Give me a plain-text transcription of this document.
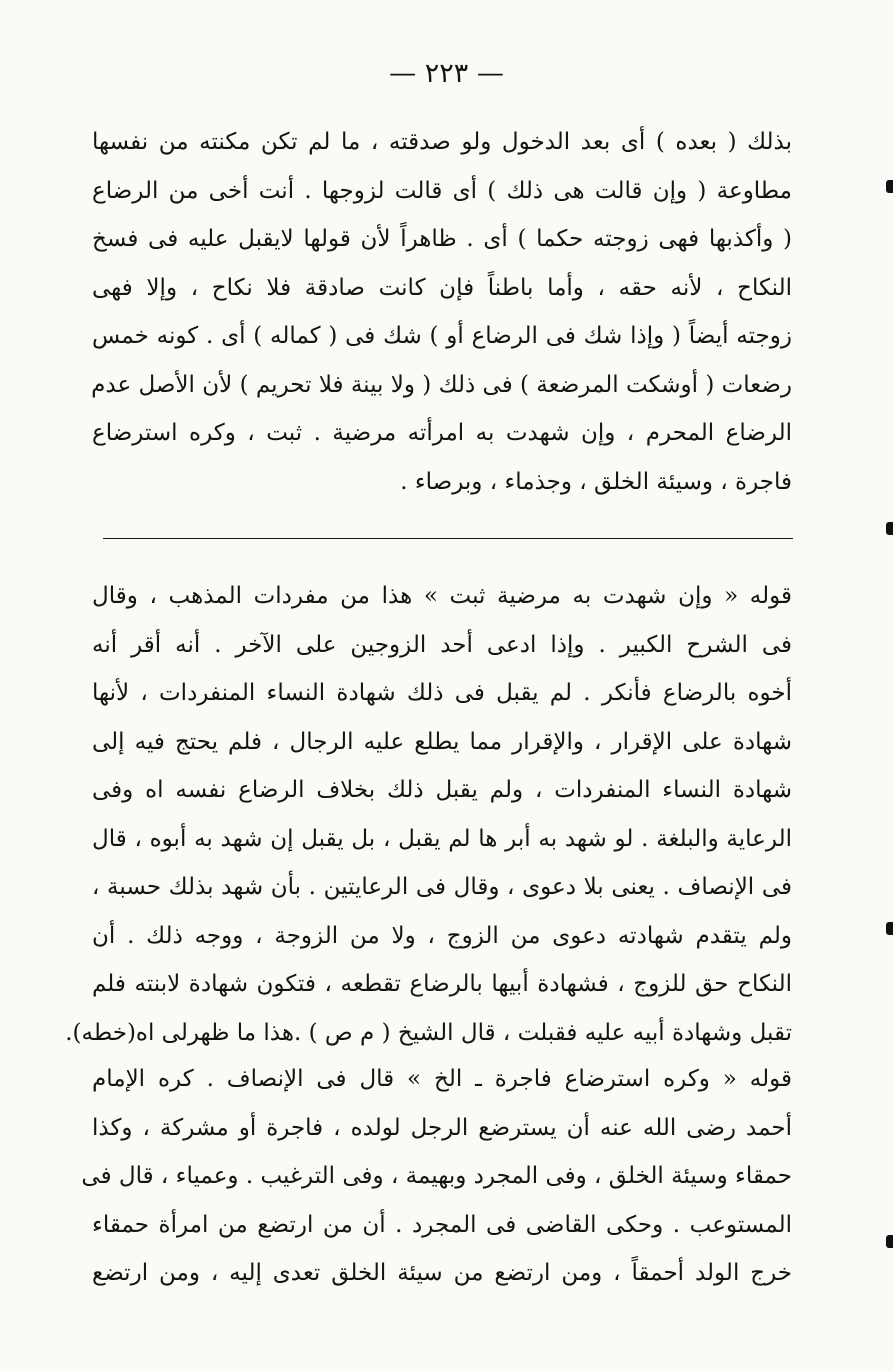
— ٢٢٣ —
بذلك ( بعده ) أى بعد الدخول ولو صدقته ، ما لم تكن مكنته من نفسها
مطاوعة ( وإن قالت هى ذلك ) أى قالت لزوجها . أنت أخى من الرضاع
( وأكذبها فهى زوجته حكما ) أى . ظاهراً لأن قولها لايقبل عليه فى فسخ
النكاح ، لأنه حقه ، وأما باطناً فإن كانت صادقة فلا نكاح ، وإلا فهى
زوجته أيضاً ( وإذا شك فى الرضاع أو ) شك فى ( كماله ) أى . كونه خمس
رضعات ( أوشكت المرضعة ) فى ذلك ( ولا بينة فلا تحريم ) لأن الأصل عدم
الرضاع المحرم ، وإن شهدت به امرأته مرضية . ثبت ، وكره استرضاع
فاجرة ، وسيئة الخلق ، وجذماء ، وبرصاء .
قوله « وإن شهدت به مرضية ثبت » هذا من مفردات المذهب ، وقال
فى الشرح الكبير . وإذا ادعى أحد الزوجين على الآخر . أنه أقر أنه
أخوه بالرضاع فأنكر . لم يقبل فى ذلك شهادة النساء المنفردات ، لأنها
شهادة على الإقرار ، والإقرار مما يطلع عليه الرجال ، فلم يحتج فيه إلى
شهادة النساء المنفردات ، ولم يقبل ذلك بخلاف الرضاع نفسه اه وفى
الرعاية والبلغة . لو شهد به أبر ها لم يقبل ، بل يقبل إن شهد به أبوه ، قال
فى الإنصاف . يعنى بلا دعوى ، وقال فى الرعايتين . بأن شهد بذلك حسبة ،
ولم يتقدم شهادته دعوى من الزوج ، ولا من الزوجة ، ووجه ذلك . أن
النكاح حق للزوج ، فشهادة أبيها بالرضاع تقطعه ، فتكون شهادة لابنته فلم
تقبل وشهادة أبيه عليه فقبلت ، قال الشيخ ( م ص ) .هذا ما ظهرلى اه(خطه).
قوله « وكره استرضاع فاجرة ـ الخ » قال فى الإنصاف . كره الإمام
أحمد رضى الله عنه أن يسترضع الرجل لولده ، فاجرة أو مشركة ، وكذا
حمقاء وسيئة الخلق ، وفى المجرد وبهيمة ، وفى الترغيب . وعمياء ، قال فى
المستوعب . وحكى القاضى فى المجرد . أن من ارتضع من امرأة حمقاء
خرج الولد أحمقاً ، ومن ارتضع من سيئة الخلق تعدى إليه ، ومن ارتضع
